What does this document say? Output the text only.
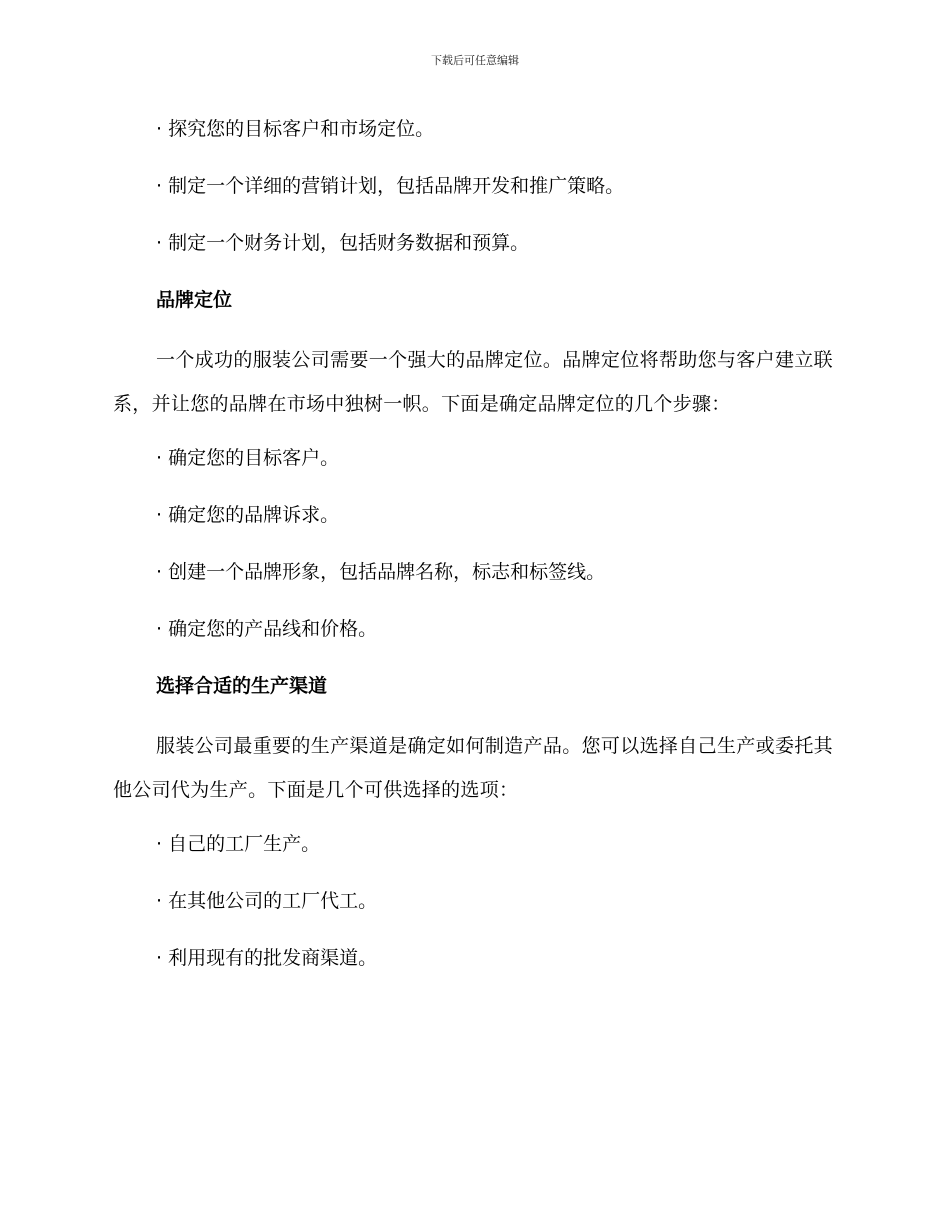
下载后可任意编辑
· 探究您的目标客户和市场定位。
· 制定一个详细的营销计划，包括品牌开发和推广策略。
· 制定一个财务计划，包括财务数据和预算。
品牌定位

一个成功的服装公司需要一个强大的品牌定位。品牌定位将帮助您与客户建立联系，并让您的品牌在市场中独树一帜。下面是确定品牌定位的几个步骤：

· 确定您的目标客户。
· 确定您的品牌诉求。
· 创建一个品牌形象，包括品牌名称，标志和标签线。
· 确定您的产品线和价格。
选择合适的生产渠道

服装公司最重要的生产渠道是确定如何制造产品。您可以选择自己生产或委托其他公司代为生产。下面是几个可供选择的选项：

· 自己的工厂生产。
· 在其他公司的工厂代工。
· 利用现有的批发商渠道。
